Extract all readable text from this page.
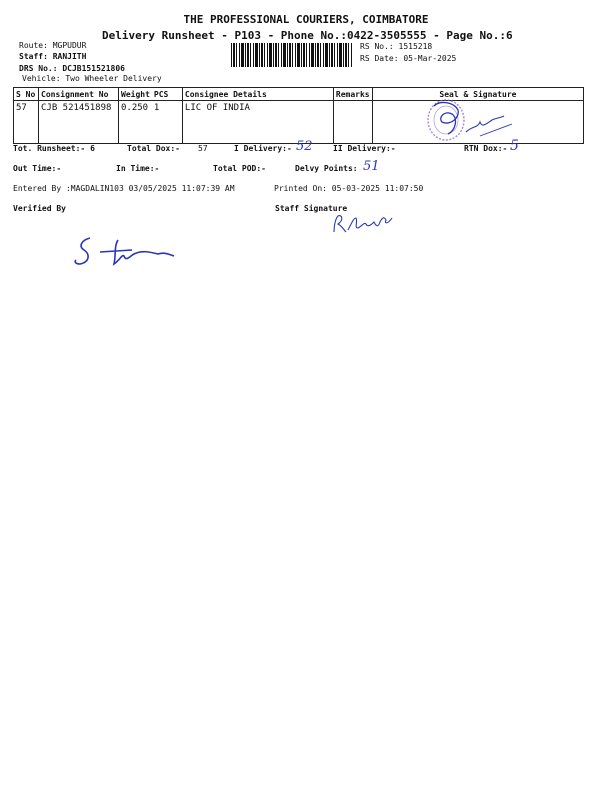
THE PROFESSIONAL COURIERS, COIMBATORE
Delivery Runsheet - P103 - Phone No.:0422-3505555 - Page No.:6
Route: MGPUDUR
Staff: RANJITH
DRS No.: DCJB151521806
Vehicle: Two Wheeler Delivery
RS No.: 1515218
RS Date: 05-Mar-2025
S No	Consignment No	Weight	PCS	Consignee Details	Remarks	Seal & Signature
57	CJB 521451898	0.250	1	LIC OF INDIA		
Tot. Runsheet:- 6	Total Dox:- 57	I Delivery:- 52	II Delivery:-	RTN Dox:- 5
Out Time:-	In Time:-	Total POD:-	Delvy Points: 51
Entered By :MAGDALIN103 03/05/2025 11:07:39 AM	Printed On: 05-03-2025 11:07:50
Verified By	Staff Signature
